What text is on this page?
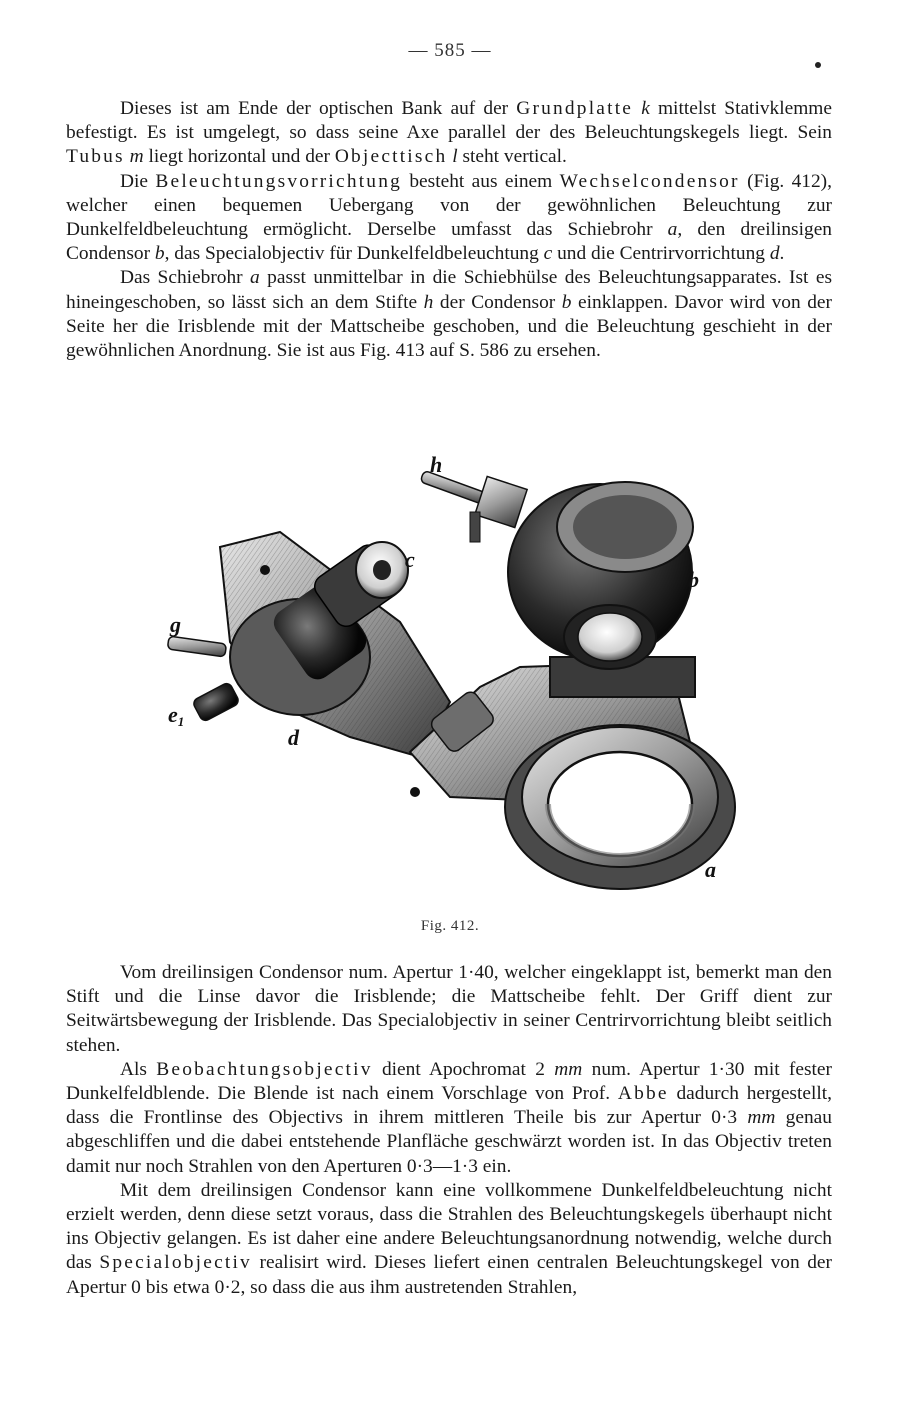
— 585 —

Dieses ist am Ende der optischen Bank auf der Grundplatte k mittelst Stativklemme befestigt. Es ist umgelegt, so dass seine Axe parallel der des Beleuchtungskegels liegt. Sein Tubus m liegt horizontal und der Objecttisch l steht vertical.

Die Beleuchtungsvorrichtung besteht aus einem Wechselcondensor (Fig. 412), welcher einen bequemen Uebergang von der gewöhnlichen Beleuchtung zur Dunkelfeldbeleuchtung ermöglicht. Derselbe umfasst das Schiebrohr a, den dreilinsigen Condensor b, das Specialobjectiv für Dunkelfeldbeleuchtung c und die Centrirvorrichtung d.

Das Schiebrohr a passt unmittelbar in die Schiebhülse des Beleuchtungsapparates. Ist es hineingeschoben, so lässt sich an dem Stifte h der Condensor b einklappen. Davor wird von der Seite her die Irisblende mit der Mattscheibe geschoben, und die Beleuchtung geschieht in der gewöhnlichen Anordnung. Sie ist aus Fig. 413 auf S. 586 zu ersehen.

h
c
b
g
e1
d
a
Fig. 412.

Vom dreilinsigen Condensor num. Apertur 1·40, welcher eingeklappt ist, bemerkt man den Stift und die Linse davor die Irisblende; die Mattscheibe fehlt. Der Griff dient zur Seitwärtsbewegung der Irisblende. Das Specialobjectiv in seiner Centrirvorrichtung bleibt seitlich stehen.

Als Beobachtungsobjectiv dient Apochromat 2 mm num. Apertur 1·30 mit fester Dunkelfeldblende. Die Blende ist nach einem Vorschlage von Prof. Abbe dadurch hergestellt, dass die Frontlinse des Objectivs in ihrem mittleren Theile bis zur Apertur 0·3 mm genau abgeschliffen und die dabei entstehende Planfläche geschwärzt worden ist. In das Objectiv treten damit nur noch Strahlen von den Aperturen 0·3—1·3 ein.

Mit dem dreilinsigen Condensor kann eine vollkommene Dunkelfeldbeleuchtung nicht erzielt werden, denn diese setzt voraus, dass die Strahlen des Beleuchtungskegels überhaupt nicht ins Objectiv gelangen. Es ist daher eine andere Beleuchtungsanordnung notwendig, welche durch das Specialobjectiv realisirt wird. Dieses liefert einen centralen Beleuchtungskegel von der Apertur 0 bis etwa 0·2, so dass die aus ihm austretenden Strahlen,
